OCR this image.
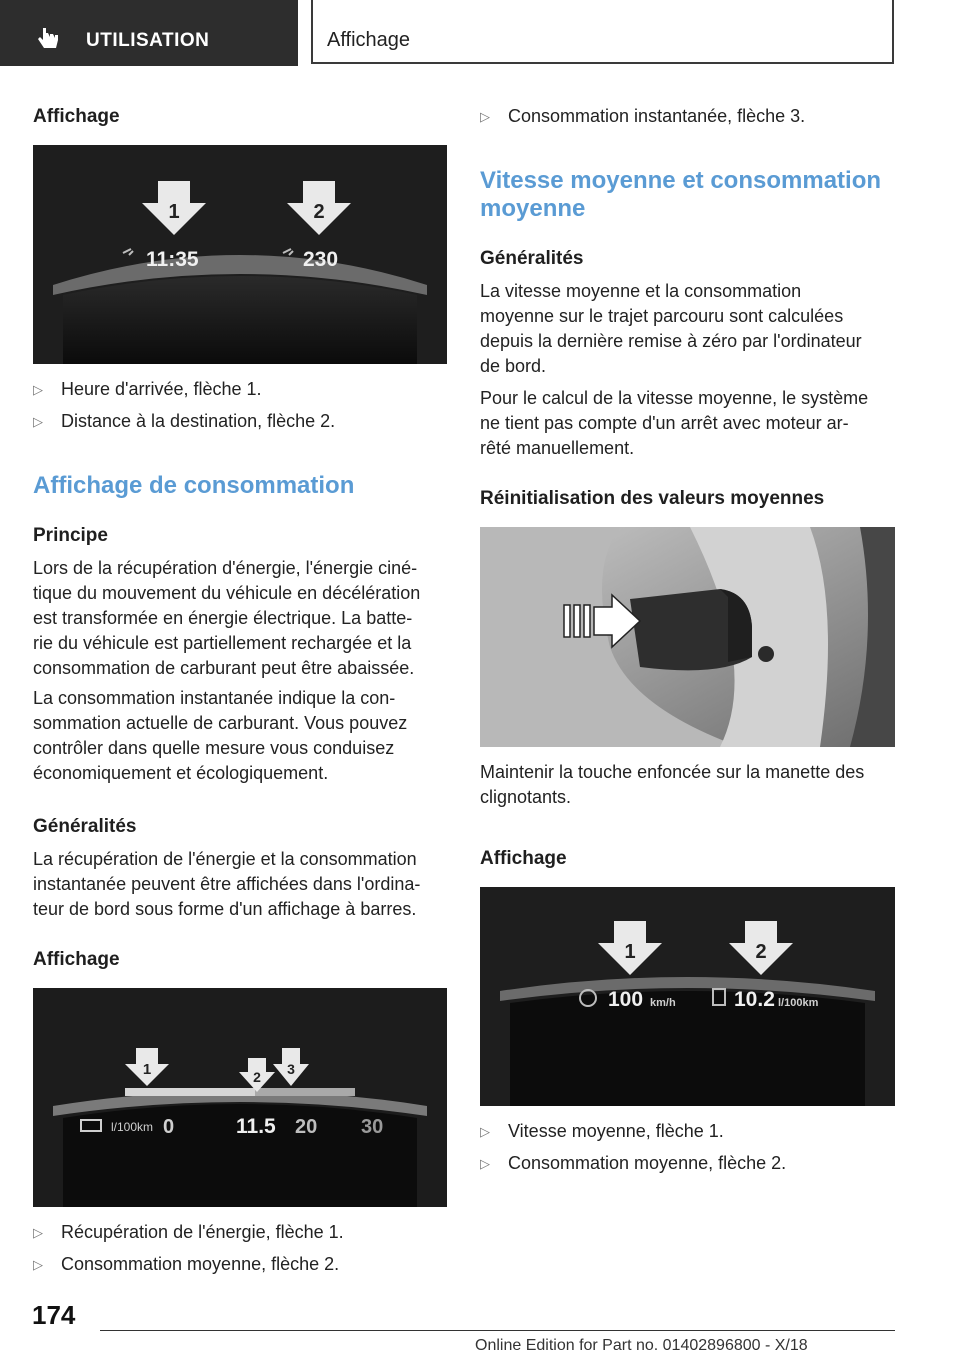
UTILISATION	Affichage
Affichage
1	2
11:35	230
▷ Heure d'arrivée, flèche 1.
▷ Distance à la destination, flèche 2.
Affichage de consommation
Principe
Lors de la récupération d'énergie, l'énergie ciné-
tique du mouvement du véhicule en décélération
est transformée en énergie électrique. La batte-
rie du véhicule est partiellement rechargée et la
consommation de carburant peut être abaissée.
La consommation instantanée indique la con-
sommation actuelle de carburant. Vous pouvez
contrôler dans quelle mesure vous conduisez
économiquement et écologiquement.
Généralités
La récupération de l'énergie et la consommation
instantanée peuvent être affichées dans l'ordina-
teur de bord sous forme d'un affichage à barres.
Affichage
1	2 3
l/100km 0	11.5 20 30
▷ Récupération de l'énergie, flèche 1.
▷ Consommation moyenne, flèche 2.
▷ Consommation instantanée, flèche 3.
Vitesse moyenne et consommation
moyenne
Généralités
La vitesse moyenne et la consommation
moyenne sur le trajet parcouru sont calculées
depuis la dernière remise à zéro par l'ordinateur
de bord.
Pour le calcul de la vitesse moyenne, le système
ne tient pas compte d'un arrêt avec moteur ar-
rêté manuellement.
Réinitialisation des valeurs moyennes
Maintenir la touche enfoncée sur la manette des
clignotants.
Affichage
1	2
100 km/h	10.2 l/100km
▷ Vitesse moyenne, flèche 1.
▷ Consommation moyenne, flèche 2.
174
Online Edition for Part no. 01402896800 - X/18
